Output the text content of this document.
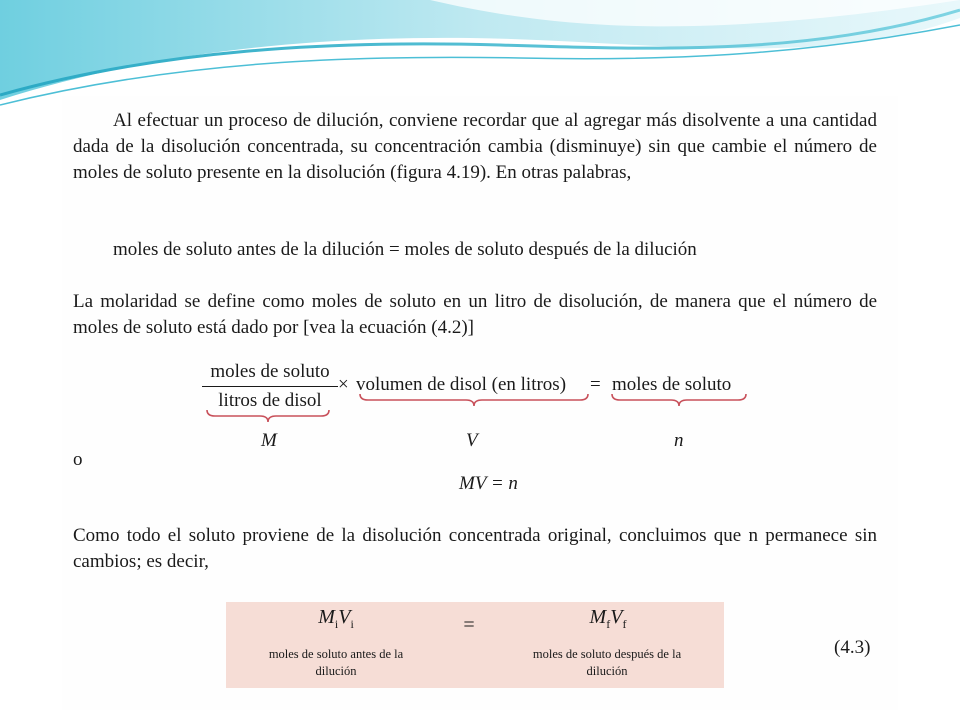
Al efectuar un proceso de dilución, conviene recordar que al agregar más disolvente a una cantidad dada de la disolución concentrada, su concentración cambia (disminuye) sin que cambie el número de moles de soluto presente en la disolución (figura 4.19). En otras palabras,

moles de soluto antes de la dilución = moles de soluto después de la dilución

La molaridad se define como moles de soluto en un litro de disolución, de manera que el número de moles de soluto está dado por [vea la ecuación (4.2)]

moles de soluto
litros de disol
× volumen de disol (en litros) = moles de soluto
M	V	n
o
MV = n

Como todo el soluto proviene de la disolución concentrada original, concluimos que n permanece sin cambios; es decir,

$M_iV_i$	=	$M_fV_f$
moles de soluto antes de la dilución
moles de soluto después de la dilución
(4.3)
